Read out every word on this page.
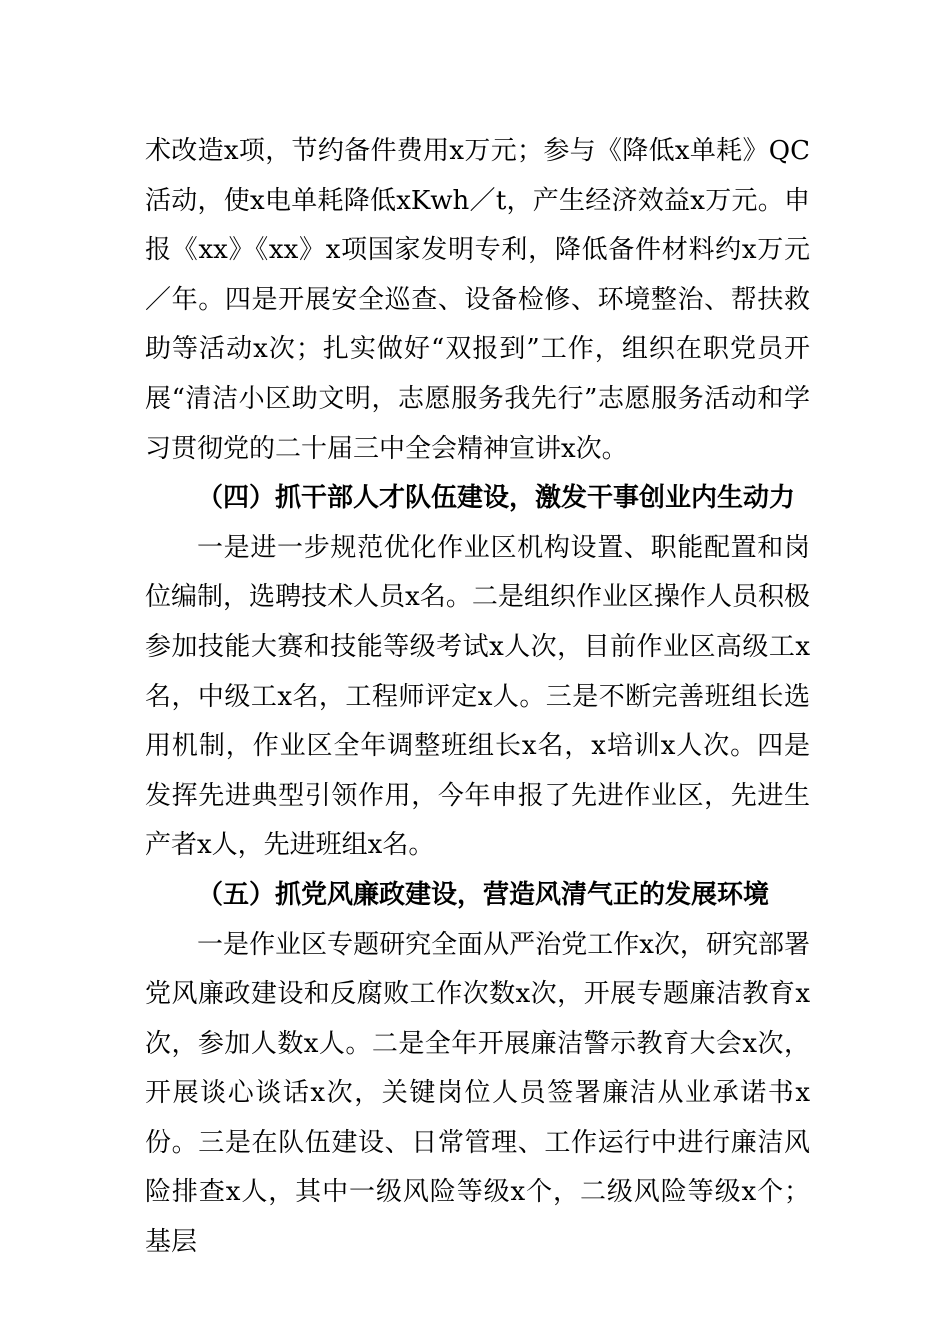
术改造x项，节约备件费用x万元；参与《降低x单耗》QC活动，使x电单耗降低xKwh／t，产生经济效益x万元。申报《xx》《xx》x项国家发明专利，降低备件材料约x万元／年。四是开展安全巡查、设备检修、环境整治、帮扶救助等活动x次；扎实做好“双报到”工作，组织在职党员开展“清洁小区助文明，志愿服务我先行”志愿服务活动和学习贯彻党的二十届三中全会精神宣讲x次。

（四）抓干部人才队伍建设，激发干事创业内生动力

一是进一步规范优化作业区机构设置、职能配置和岗位编制，选聘技术人员x名。二是组织作业区操作人员积极参加技能大赛和技能等级考试x人次，目前作业区高级工x名，中级工x名，工程师评定x人。三是不断完善班组长选用机制，作业区全年调整班组长x名，x培训x人次。四是发挥先进典型引领作用，今年申报了先进作业区，先进生产者x人，先进班组x名。

（五）抓党风廉政建设，营造风清气正的发展环境

一是作业区专题研究全面从严治党工作x次，研究部署党风廉政建设和反腐败工作次数x次，开展专题廉洁教育x次，参加人数x人。二是全年开展廉洁警示教育大会x次，开展谈心谈话x次，关键岗位人员签署廉洁从业承诺书x份。三是在队伍建设、日常管理、工作运行中进行廉洁风险排查x人，其中一级风险等级x个，二级风险等级x个；基层
